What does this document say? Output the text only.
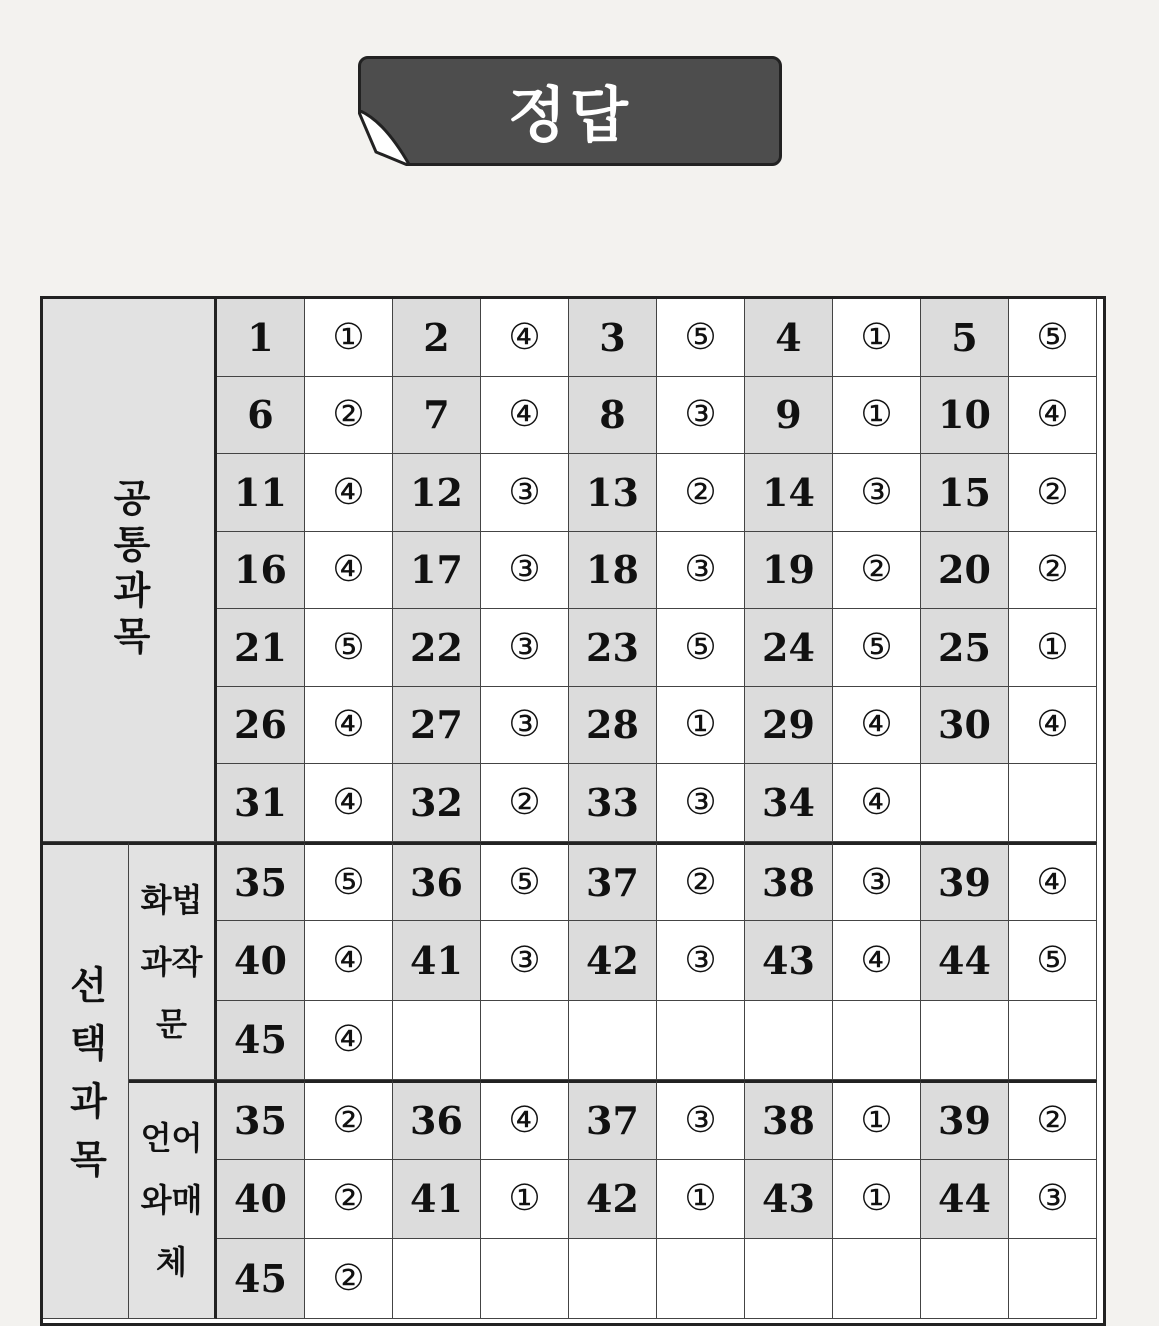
정답
공통과목
선택과목
화법과작문
언어와매체
1	①	2	④	3	⑤	4	①	5	⑤
6	②	7	④	8	③	9	①	10	④
11	④	12	③	13	②	14	③	15	②
16	④	17	③	18	③	19	②	20	②
21	⑤	22	③	23	⑤	24	⑤	25	①
26	④	27	③	28	①	29	④	30	④
31	④	32	②	33	③	34	④
35	⑤	36	⑤	37	②	38	③	39	④
40	④	41	③	42	③	43	④	44	⑤
45	④
35	②	36	④	37	③	38	①	39	②
40	②	41	①	42	①	43	①	44	③
45	②
